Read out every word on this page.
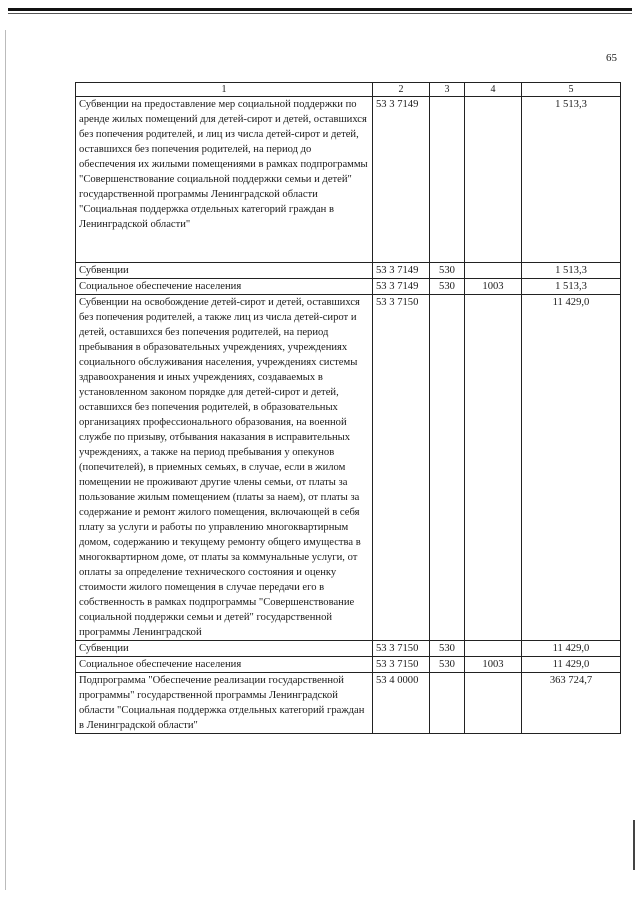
65
1	2	3	4	5
Субвенции на предоставление мер социальной поддержки по аренде жилых помещений для детей-сирот и детей, оставшихся без попечения родителей, и лиц из числа детей-сирот и детей, оставшихся без попечения родителей, на период до обеспечения их жилыми помещениями в рамках подпрограммы "Совершенствование социальной поддержки семьи и детей" государственной программы Ленинградской области "Социальная поддержка отдельных категорий граждан в Ленинградской области"	53 3 7149			1 513,3
Субвенции	53 3 7149	530		1 513,3
Социальное обеспечение населения	53 3 7149	530	1003	1 513,3
Субвенции на освобождение детей-сирот и детей, оставшихся без попечения родителей, а также лиц из числа детей-сирот и детей, оставшихся без попечения родителей, на период пребывания в образовательных учреждениях, учреждениях социального обслуживания населения, учреждениях системы здравоохранения и иных учреждениях, создаваемых в установленном законом порядке для детей-сирот и детей, оставшихся без попечения родителей, в образовательных организациях профессионального образования, на военной службе по призыву, отбывания наказания в исправительных учреждениях, а также на период пребывания у опекунов (попечителей), в приемных семьях, в случае, если в жилом помещении не проживают другие члены семьи, от платы за пользование жилым помещением (платы за наем), от платы за содержание и ремонт жилого помещения, включающей в себя плату за услуги и работы по управлению многоквартирным домом, содержанию и текущему ремонту общего имущества в многоквартирном доме, от платы за коммунальные услуги, от оплаты за определение технического состояния и оценку стоимости жилого помещения в случае передачи его в собственность в рамках подпрограммы "Совершенствование социальной поддержки семьи и детей" государственной программы Ленинградской	53 3 7150			11 429,0
Субвенции	53 3 7150	530		11 429,0
Социальное обеспечение населения	53 3 7150	530	1003	11 429,0
Подпрограмма "Обеспечение реализации государственной программы" государственной программы Ленинградской области "Социальная поддержка отдельных категорий граждан в Ленинградской области"	53 4 0000			363 724,7
